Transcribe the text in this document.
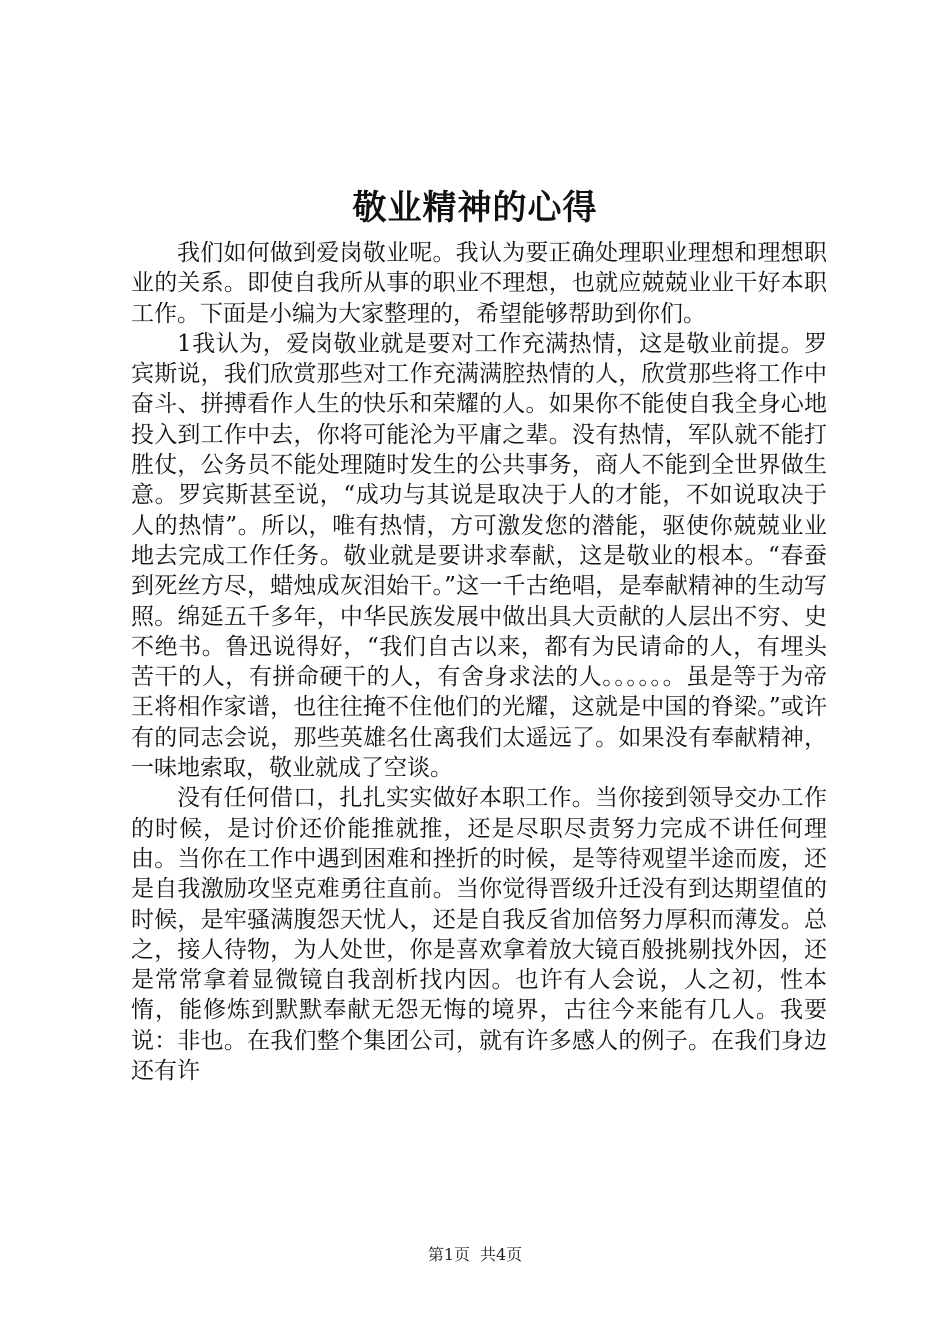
敬业精神的心得

我们如何做到爱岗敬业呢。我认为要正确处理职业理想和理想职业的关系。即使自我所从事的职业不理想，也就应兢兢业业干好本职工作。下面是小编为大家整理的，希望能够帮助到你们。

1我认为，爱岗敬业就是要对工作充满热情，这是敬业前提。罗宾斯说，我们欣赏那些对工作充满满腔热情的人，欣赏那些将工作中奋斗、拼搏看作人生的快乐和荣耀的人。如果你不能使自我全身心地投入到工作中去，你将可能沦为平庸之辈。没有热情，军队就不能打胜仗，公务员不能处理随时发生的公共事务，商人不能到全世界做生意。罗宾斯甚至说，“成功与其说是取决于人的才能，不如说取决于人的热情”。所以，唯有热情，方可激发您的潜能，驱使你兢兢业业地去完成工作任务。敬业就是要讲求奉献，这是敬业的根本。“春蚕到死丝方尽，蜡烛成灰泪始干。”这一千古绝唱，是奉献精神的生动写照。绵延五千多年，中华民族发展中做出具大贡献的人层出不穷、史不绝书。鲁迅说得好，“我们自古以来，都有为民请命的人，有埋头苦干的人，有拼命硬干的人，有舍身求法的人。。。。。。虽是等于为帝王将相作家谱，也往往掩不住他们的光耀，这就是中国的脊梁。”或许有的同志会说，那些英雄名仕离我们太遥远了。如果没有奉献精神，一味地索取，敬业就成了空谈。

没有任何借口，扎扎实实做好本职工作。当你接到领导交办工作的时候，是讨价还价能推就推，还是尽职尽责努力完成不讲任何理由。当你在工作中遇到困难和挫折的时候，是等待观望半途而废，还是自我激励攻坚克难勇往直前。当你觉得晋级升迁没有到达期望值的时候，是牢骚满腹怨天忧人，还是自我反省加倍努力厚积而薄发。总之，接人待物，为人处世，你是喜欢拿着放大镜百般挑剔找外因，还是常常拿着显微镜自我剖析找内因。也许有人会说，人之初，性本惰，能修炼到默默奉献无怨无悔的境界，古往今来能有几人。我要说：非也。在我们整个集团公司，就有许多感人的例子。在我们身边还有许

第1页 共4页
